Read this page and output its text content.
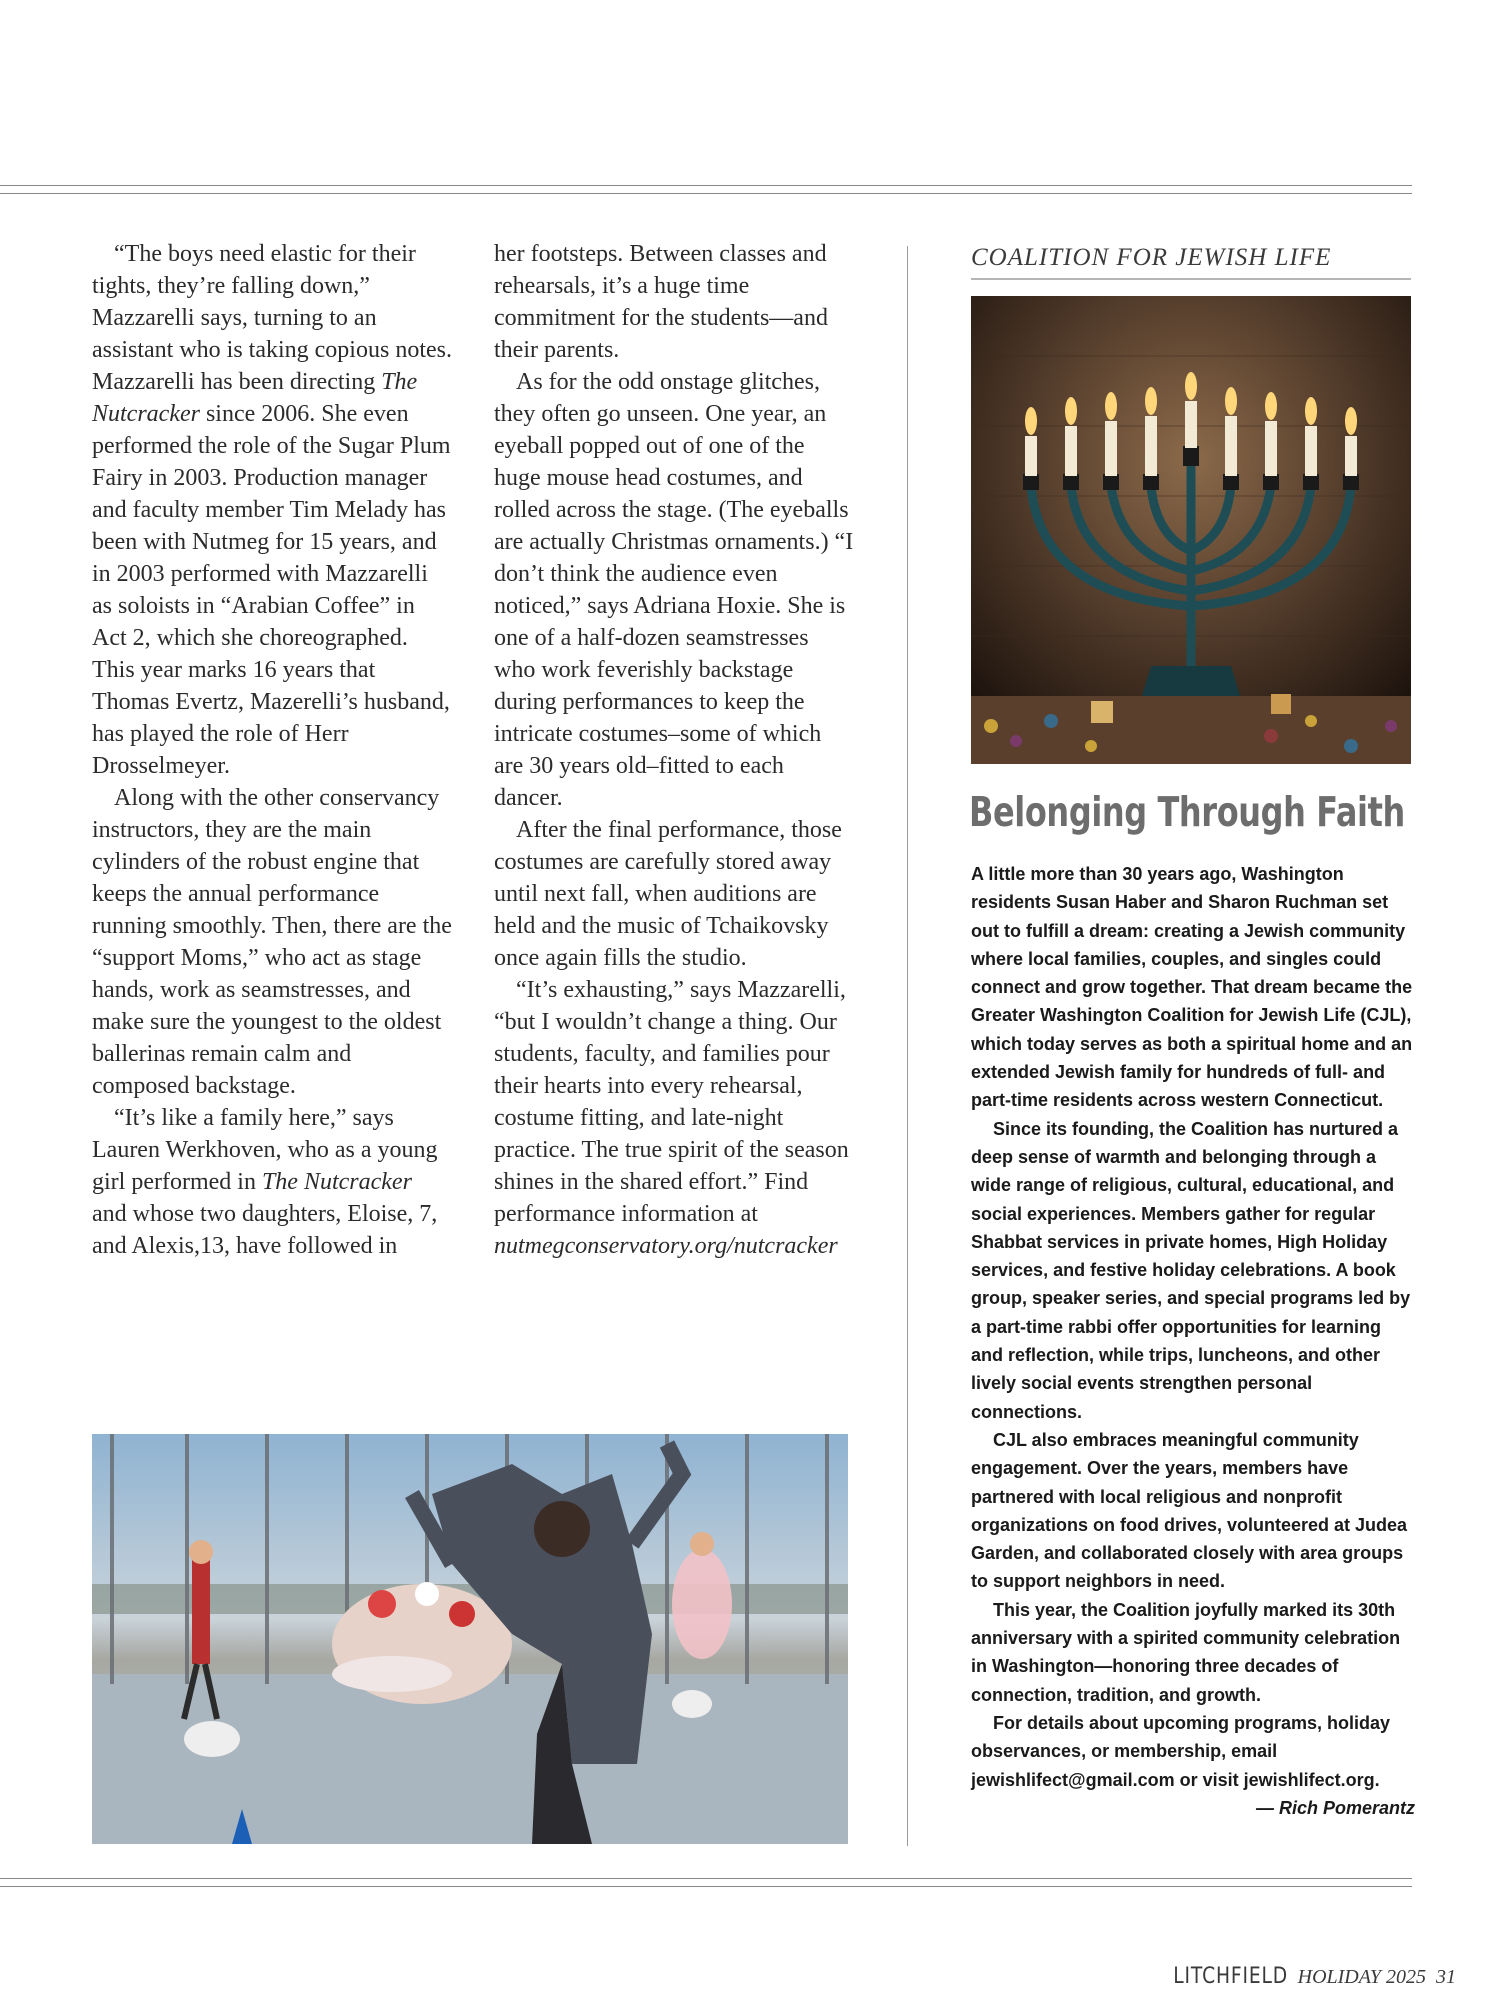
“The boys need elastic for their tights, they’re falling down,” Mazzarelli says, turning to an assistant who is taking copious notes. Mazzarelli has been directing The Nutcracker since 2006. She even performed the role of the Sugar Plum Fairy in 2003. Production manager and faculty member Tim Melady has been with Nutmeg for 15 years, and in 2003 performed with Mazzarelli as soloists in “Arabian Coffee” in Act 2, which she choreographed. This year marks 16 years that Thomas Evertz, Mazerelli’s husband, has played the role of Herr Drosselmeyer.

Along with the other conservancy instructors, they are the main cylinders of the robust engine that keeps the annual performance running smoothly. Then, there are the “support Moms,” who act as stage hands, work as seamstresses, and make sure the youngest to the oldest ballerinas remain calm and composed backstage.

“It’s like a family here,” says Lauren Werkhoven, who as a young girl performed in The Nutcracker and whose two daughters, Eloise, 7, and Alexis,13, have followed in

her footsteps. Between classes and rehearsals, it’s a huge time commitment for the students—and their parents.

As for the odd onstage glitches, they often go unseen. One year, an eyeball popped out of one of the huge mouse head costumes, and rolled across the stage. (The eyeballs are actually Christmas ornaments.) “I don’t think the audience even noticed,” says Adriana Hoxie. She is one of a half-dozen seamstresses who work feverishly backstage during performances to keep the intricate costumes–some of which are 30 years old–fitted to each dancer.

After the final performance, those costumes are carefully stored away until next fall, when auditions are held and the music of Tchaikovsky once again fills the studio.

“It’s exhausting,” says Mazzarelli, “but I wouldn’t change a thing. Our students, faculty, and families pour their hearts into every rehearsal, costume fitting, and late-night practice. The true spirit of the season shines in the shared effort.” Find performance information at nutmegconservatory.org/nutcracker

COALITION FOR JEWISH LIFE
Belonging Through Faith

A little more than 30 years ago, Washington residents Susan Haber and Sharon Ruchman set out to fulfill a dream: creating a Jewish community where local families, couples, and singles could connect and grow together. That dream became the Greater Washington Coalition for Jewish Life (CJL), which today serves as both a spiritual home and an extended Jewish family for hundreds of full- and part-time residents across western Connecticut.

Since its founding, the Coalition has nurtured a deep sense of warmth and belonging through a wide range of religious, cultural, educational, and social experiences. Members gather for regular Shabbat services in private homes, High Holiday services, and festive holiday celebrations. A book group, speaker series, and special programs led by a part-time rabbi offer opportunities for learning and reflection, while trips, luncheons, and other lively social events strengthen personal connections.

CJL also embraces meaningful community engagement. Over the years, members have partnered with local religious and nonprofit organizations on food drives, volunteered at Judea Garden, and collaborated closely with area groups to support neighbors in need.

This year, the Coalition joyfully marked its 30th anniversary with a spirited community celebration in Washington—honoring three decades of connection, tradition, and growth.

For details about upcoming programs, holiday observances, or membership, email jewishlifect@gmail.com or visit jewishlifect.org.

— Rich Pomerantz

LITCHFIELD HOLIDAY 2025 31
